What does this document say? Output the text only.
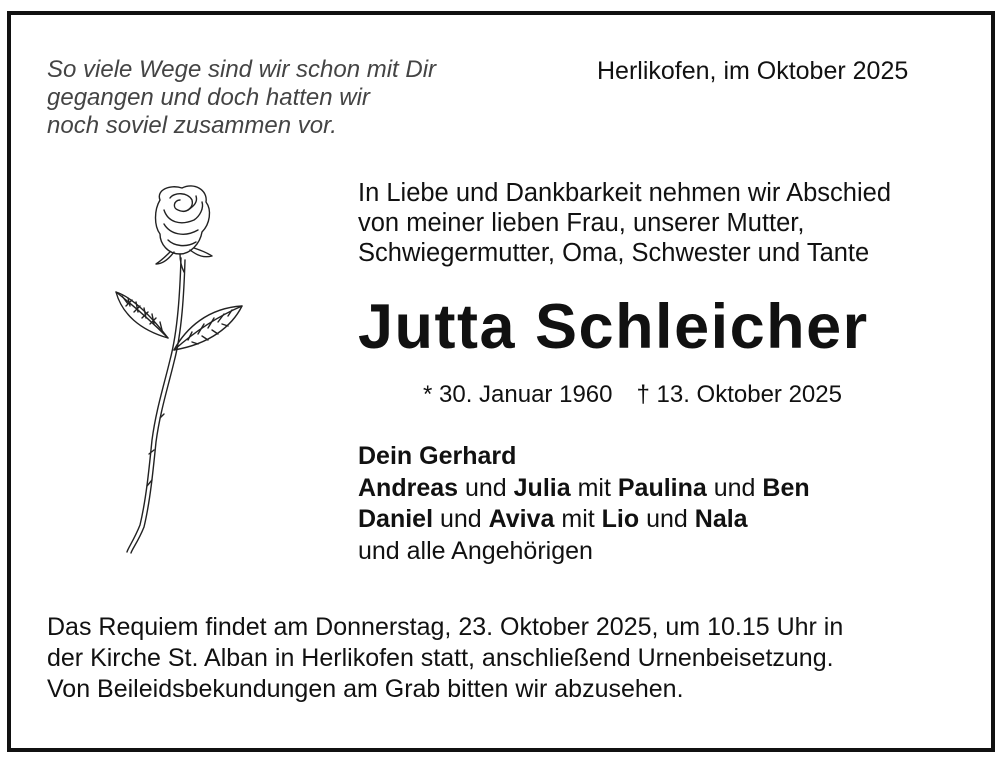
So viele Wege sind wir schon mit Dir
gegangen und doch hatten wir
noch soviel zusammen vor.
Herlikofen, im Oktober 2025
In Liebe und Dankbarkeit nehmen wir Abschied
von meiner lieben Frau, unserer Mutter,
Schwiegermutter, Oma, Schwester und Tante
Jutta Schleicher
* 30. Januar 1960 † 13. Oktober 2025
Dein Gerhard
Andreas und Julia mit Paulina und Ben
Daniel und Aviva mit Lio und Nala
und alle Angehörigen
Das Requiem findet am Donnerstag, 23. Oktober 2025, um 10.15 Uhr in
der Kirche St. Alban in Herlikofen statt, anschließend Urnenbeisetzung.
Von Beileidsbekundungen am Grab bitten wir abzusehen.
